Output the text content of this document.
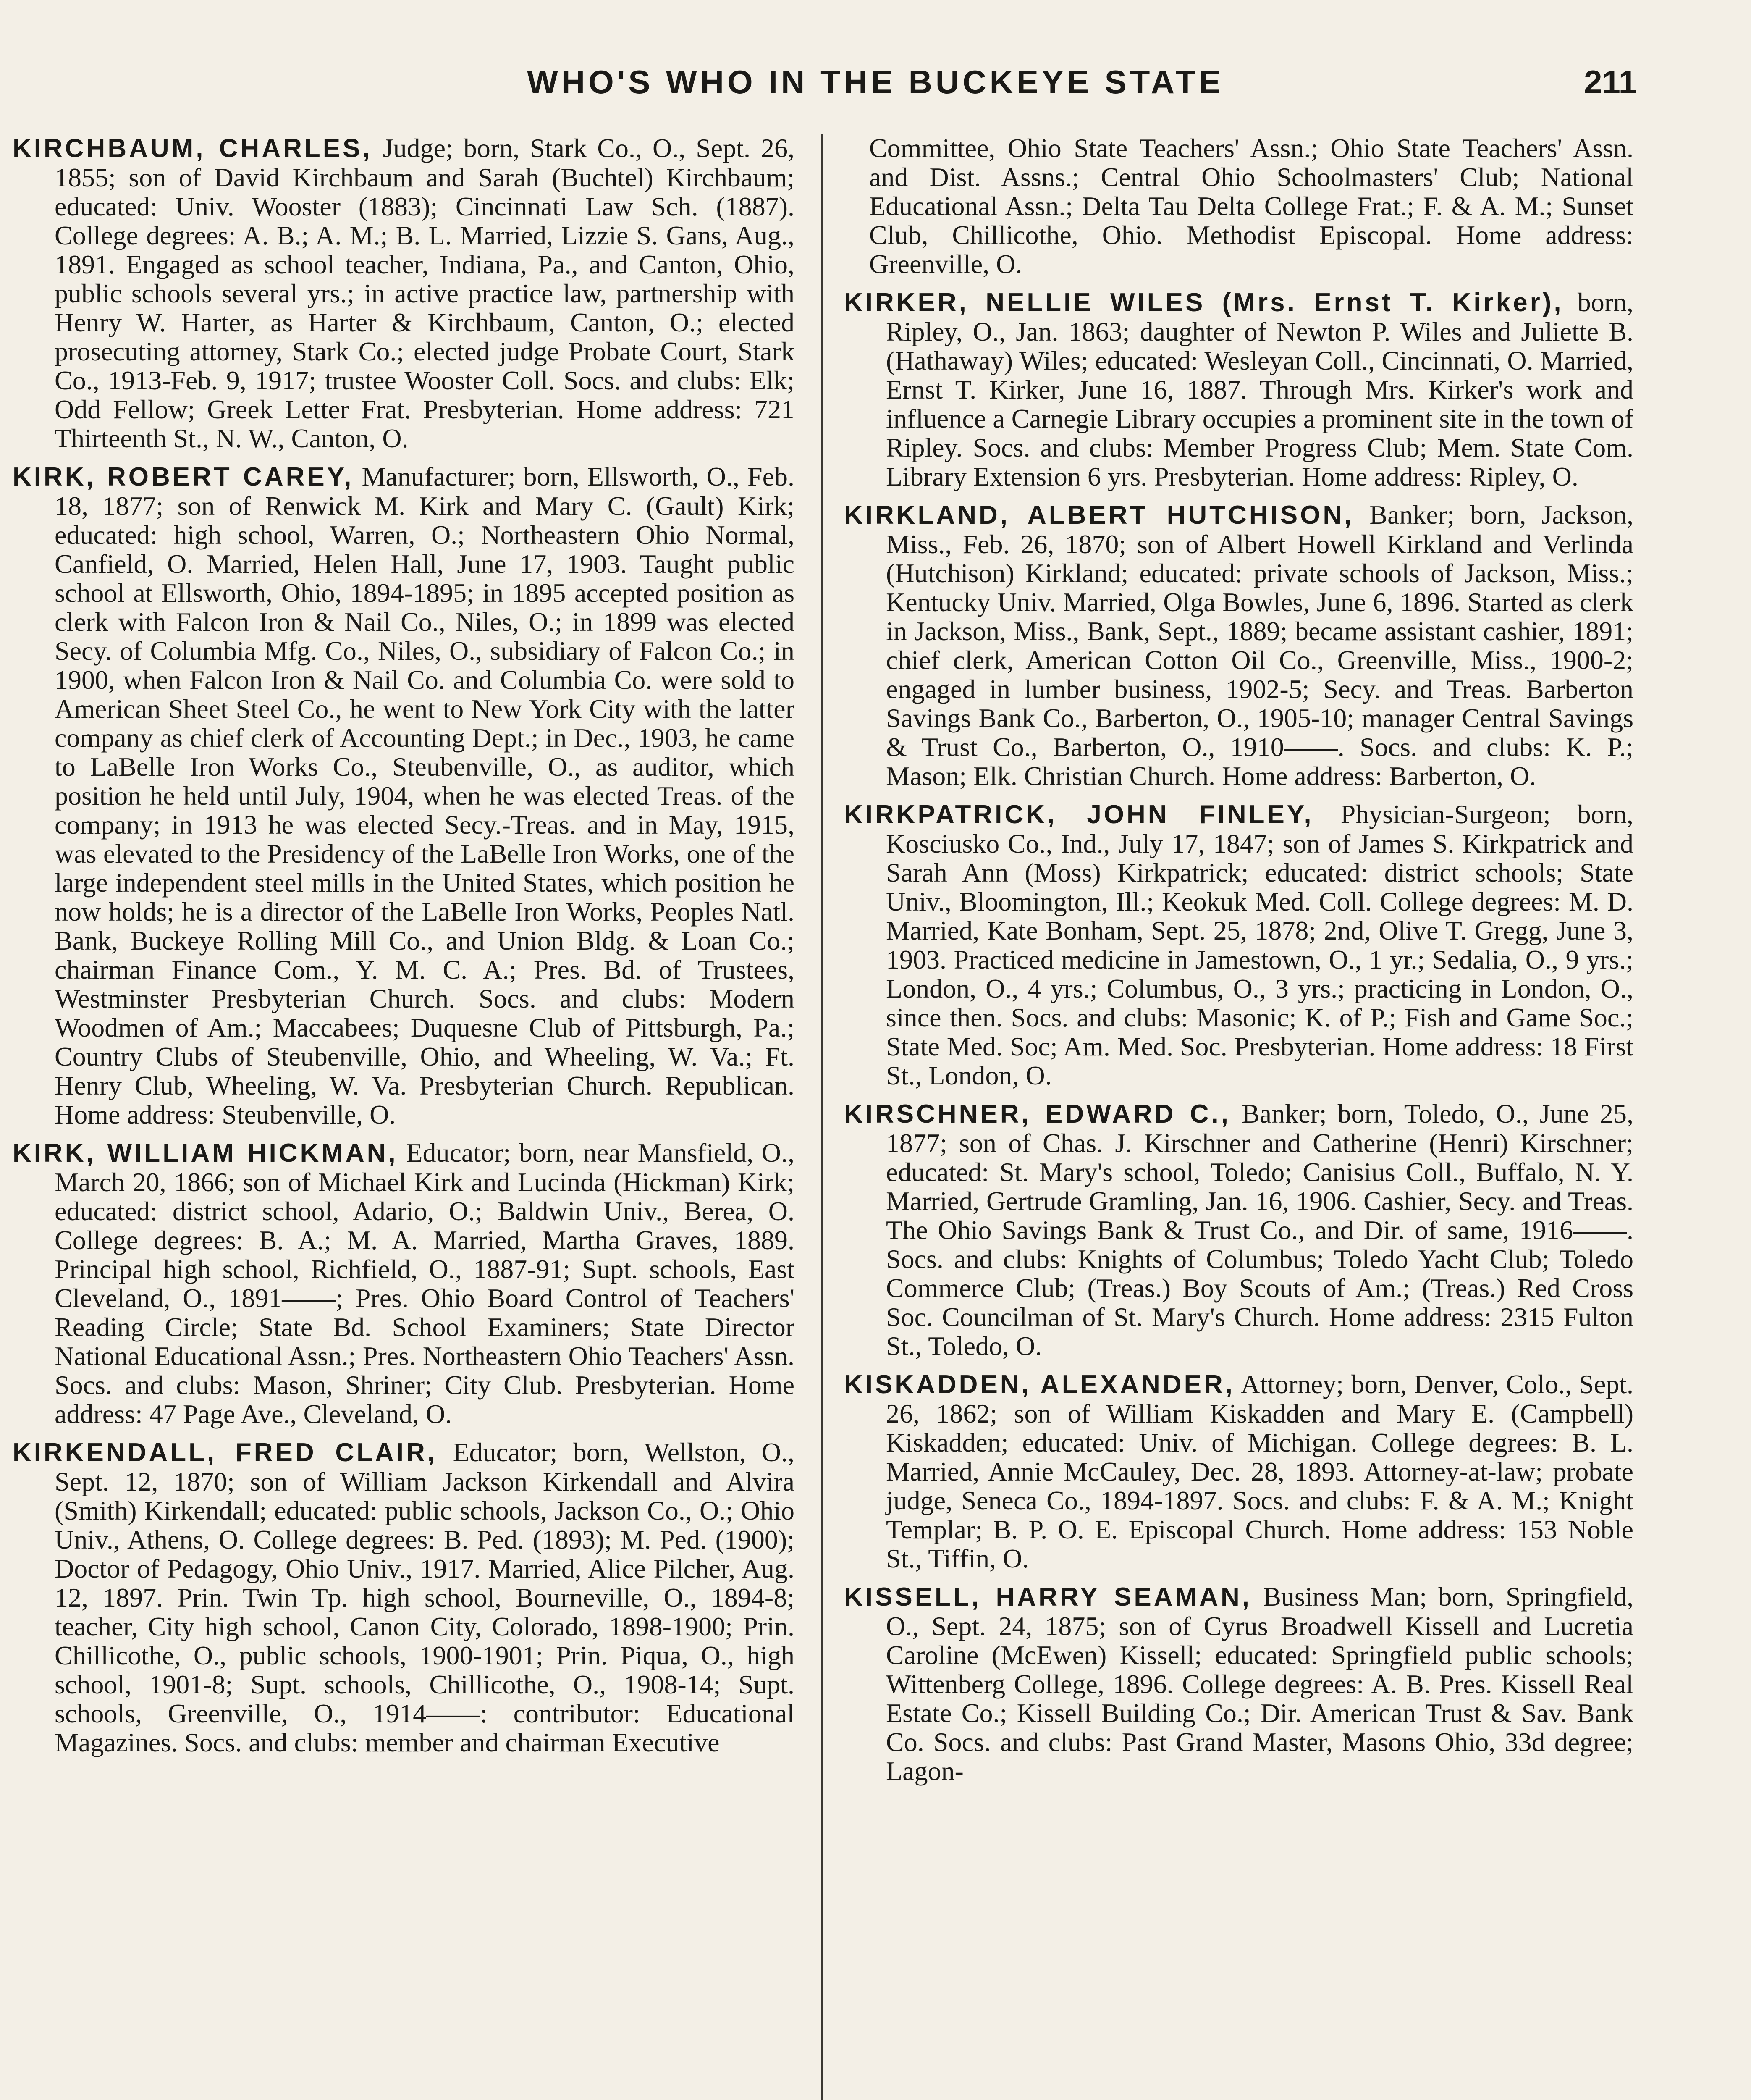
WHO'S WHO IN THE BUCKEYE STATE	211

KIRCHBAUM, CHARLES, Judge; born, Stark Co., O., Sept. 26, 1855; son of David Kirchbaum and Sarah (Buchtel) Kirchbaum; educated: Univ. Wooster (1883); Cincinnati Law Sch. (1887). College degrees: A. B.; A. M.; B. L. Married, Lizzie S. Gans, Aug., 1891. Engaged as school teacher, Indiana, Pa., and Canton, Ohio, public schools several yrs.; in active practice law, partnership with Henry W. Harter, as Harter & Kirchbaum, Canton, O.; elected prosecuting attorney, Stark Co.; elected judge Probate Court, Stark Co., 1913-Feb. 9, 1917; trustee Wooster Coll. Socs. and clubs: Elk; Odd Fellow; Greek Letter Frat. Presbyterian. Home address: 721 Thirteenth St., N. W., Canton, O.

KIRK, ROBERT CAREY, Manufacturer; born, Ellsworth, O., Feb. 18, 1877; son of Renwick M. Kirk and Mary C. (Gault) Kirk; educated: high school, Warren, O.; Northeastern Ohio Normal, Canfield, O. Married, Helen Hall, June 17, 1903. Taught public school at Ellsworth, Ohio, 1894-1895; in 1895 accepted position as clerk with Falcon Iron & Nail Co., Niles, O.; in 1899 was elected Secy. of Columbia Mfg. Co., Niles, O., subsidiary of Falcon Co.; in 1900, when Falcon Iron & Nail Co. and Columbia Co. were sold to American Sheet Steel Co., he went to New York City with the latter company as chief clerk of Accounting Dept.; in Dec., 1903, he came to LaBelle Iron Works Co., Steubenville, O., as auditor, which position he held until July, 1904, when he was elected Treas. of the company; in 1913 he was elected Secy.-Treas. and in May, 1915, was elevated to the Presidency of the LaBelle Iron Works, one of the large independent steel mills in the United States, which position he now holds; he is a director of the LaBelle Iron Works, Peoples Natl. Bank, Buckeye Rolling Mill Co., and Union Bldg. & Loan Co.; chairman Finance Com., Y. M. C. A.; Pres. Bd. of Trustees, Westminster Presbyterian Church. Socs. and clubs: Modern Woodmen of Am.; Maccabees; Duquesne Club of Pittsburgh, Pa.; Country Clubs of Steubenville, Ohio, and Wheeling, W. Va.; Ft. Henry Club, Wheeling, W. Va. Presbyterian Church. Republican. Home address: Steubenville, O.

KIRK, WILLIAM HICKMAN, Educator; born, near Mansfield, O., March 20, 1866; son of Michael Kirk and Lucinda (Hickman) Kirk; educated: district school, Adario, O.; Baldwin Univ., Berea, O. College degrees: B. A.; M. A. Married, Martha Graves, 1889. Principal high school, Richfield, O., 1887-91; Supt. schools, East Cleveland, O., 1891——; Pres. Ohio Board Control of Teachers' Reading Circle; State Bd. School Examiners; State Director National Educational Assn.; Pres. Northeastern Ohio Teachers' Assn. Socs. and clubs: Mason, Shriner; City Club. Presbyterian. Home address: 47 Page Ave., Cleveland, O.

KIRKENDALL, FRED CLAIR, Educator; born, Wellston, O., Sept. 12, 1870; son of William Jackson Kirkendall and Alvira (Smith) Kirkendall; educated: public schools, Jackson Co., O.; Ohio Univ., Athens, O. College degrees: B. Ped. (1893); M. Ped. (1900); Doctor of Pedagogy, Ohio Univ., 1917. Married, Alice Pilcher, Aug. 12, 1897. Prin. Twin Tp. high school, Bourneville, O., 1894-8; teacher, City high school, Canon City, Colorado, 1898-1900; Prin. Chillicothe, O., public schools, 1900-1901; Prin. Piqua, O., high school, 1901-8; Supt. schools, Chillicothe, O., 1908-14; Supt. schools, Greenville, O., 1914——: contributor: Educational Magazines. Socs. and clubs: member and chairman Executive

Committee, Ohio State Teachers' Assn.; Ohio State Teachers' Assn. and Dist. Assns.; Central Ohio Schoolmasters' Club; National Educational Assn.; Delta Tau Delta College Frat.; F. & A. M.; Sunset Club, Chillicothe, Ohio. Methodist Episcopal. Home address: Greenville, O.

KIRKER, NELLIE WILES (Mrs. Ernst T. Kirker), born, Ripley, O., Jan. 1863; daughter of Newton P. Wiles and Juliette B. (Hathaway) Wiles; educated: Wesleyan Coll., Cincinnati, O. Married, Ernst T. Kirker, June 16, 1887. Through Mrs. Kirker's work and influence a Carnegie Library occupies a prominent site in the town of Ripley. Socs. and clubs: Member Progress Club; Mem. State Com. Library Extension 6 yrs. Presbyterian. Home address: Ripley, O.

KIRKLAND, ALBERT HUTCHISON, Banker; born, Jackson, Miss., Feb. 26, 1870; son of Albert Howell Kirkland and Verlinda (Hutchison) Kirkland; educated: private schools of Jackson, Miss.; Kentucky Univ. Married, Olga Bowles, June 6, 1896. Started as clerk in Jackson, Miss., Bank, Sept., 1889; became assistant cashier, 1891; chief clerk, American Cotton Oil Co., Greenville, Miss., 1900-2; engaged in lumber business, 1902-5; Secy. and Treas. Barberton Savings Bank Co., Barberton, O., 1905-10; manager Central Savings & Trust Co., Barberton, O., 1910——. Socs. and clubs: K. P.; Mason; Elk. Christian Church. Home address: Barberton, O.

KIRKPATRICK, JOHN FINLEY, Physician-Surgeon; born, Kosciusko Co., Ind., July 17, 1847; son of James S. Kirkpatrick and Sarah Ann (Moss) Kirkpatrick; educated: district schools; State Univ., Bloomington, Ill.; Keokuk Med. Coll. College degrees: M. D. Married, Kate Bonham, Sept. 25, 1878; 2nd, Olive T. Gregg, June 3, 1903. Practiced medicine in Jamestown, O., 1 yr.; Sedalia, O., 9 yrs.; London, O., 4 yrs.; Columbus, O., 3 yrs.; practicing in London, O., since then. Socs. and clubs: Masonic; K. of P.; Fish and Game Soc.; State Med. Soc; Am. Med. Soc. Presbyterian. Home address: 18 First St., London, O.

KIRSCHNER, EDWARD C., Banker; born, Toledo, O., June 25, 1877; son of Chas. J. Kirschner and Catherine (Henri) Kirschner; educated: St. Mary's school, Toledo; Canisius Coll., Buffalo, N. Y. Married, Gertrude Gramling, Jan. 16, 1906. Cashier, Secy. and Treas. The Ohio Savings Bank & Trust Co., and Dir. of same, 1916——. Socs. and clubs: Knights of Columbus; Toledo Yacht Club; Toledo Commerce Club; (Treas.) Boy Scouts of Am.; (Treas.) Red Cross Soc. Councilman of St. Mary's Church. Home address: 2315 Fulton St., Toledo, O.

KISKADDEN, ALEXANDER, Attorney; born, Denver, Colo., Sept. 26, 1862; son of William Kiskadden and Mary E. (Campbell) Kiskadden; educated: Univ. of Michigan. College degrees: B. L. Married, Annie McCauley, Dec. 28, 1893. Attorney-at-law; probate judge, Seneca Co., 1894-1897. Socs. and clubs: F. & A. M.; Knight Templar; B. P. O. E. Episcopal Church. Home address: 153 Noble St., Tiffin, O.

KISSELL, HARRY SEAMAN, Business Man; born, Springfield, O., Sept. 24, 1875; son of Cyrus Broadwell Kissell and Lucretia Caroline (McEwen) Kissell; educated: Springfield public schools; Wittenberg College, 1896. College degrees: A. B. Pres. Kissell Real Estate Co.; Kissell Building Co.; Dir. American Trust & Sav. Bank Co. Socs. and clubs: Past Grand Master, Masons Ohio, 33d degree; Lagon-
